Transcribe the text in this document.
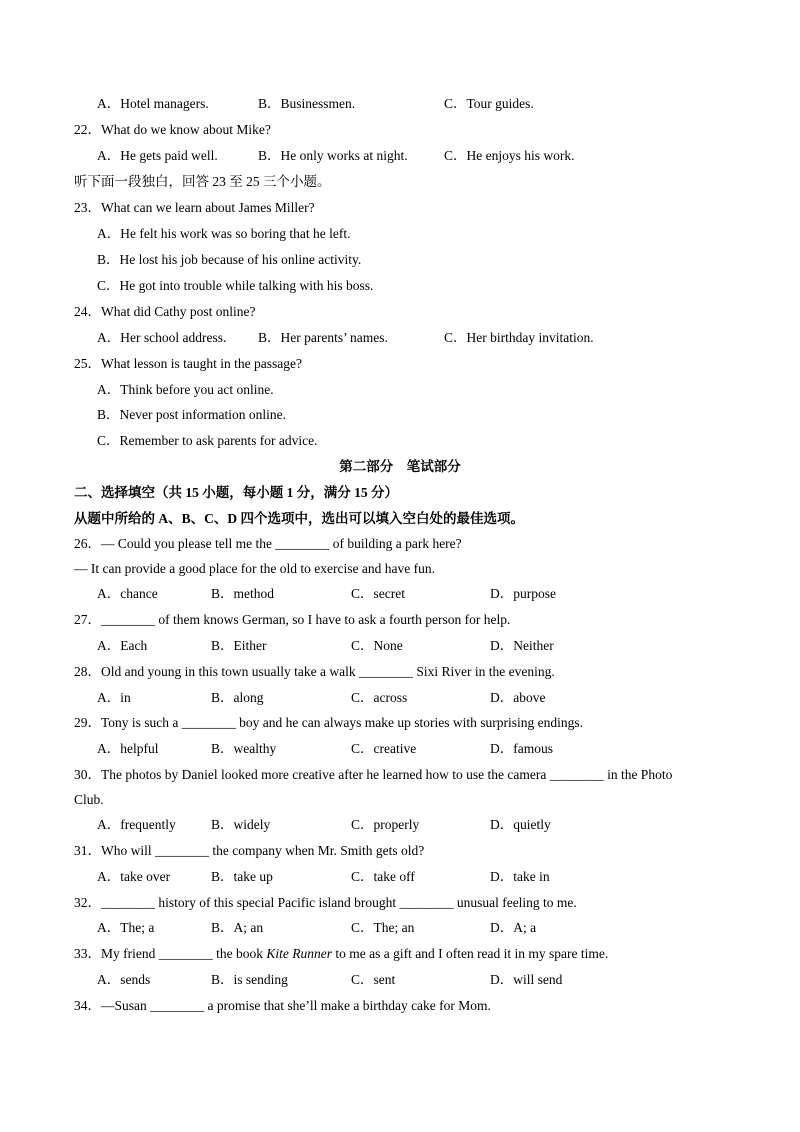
A．Hotel managers.	B．Businessmen.	C．Tour guides.
22．What do we know about Mike?
A．He gets paid well.	B．He only works at night.	C．He enjoys his work.
听下面一段独白，回答 23 至 25 三个小题。
23．What can we learn about James Miller?
A．He felt his work was so boring that he left.
B．He lost his job because of his online activity.
C．He got into trouble while talking with his boss.
24．What did Cathy post online?
A．Her school address. B．Her parents’ names.	C．Her birthday invitation.
25．What lesson is taught in the passage?
A．Think before you act online.
B．Never post information online.
C．Remember to ask parents for advice.
第二部分　笔试部分
二、选择填空（共 15 小题，每小题 1 分，满分 15 分）
从题中所给的 A、B、C、D 四个选项中，选出可以填入空白处的最佳选项。
26．— Could you please tell me the ________ of building a park here?
— It can provide a good place for the old to exercise and have fun.
A．chance	B．method	C．secret	D．purpose
27．________ of them knows German, so I have to ask a fourth person for help.
A．Each	B．Either	C．None	D．Neither
28．Old and young in this town usually take a walk ________ Sixi River in the evening.
A．in	B．along	C．across	D．above
29．Tony is such a ________ boy and he can always make up stories with surprising endings.
A．helpful	B．wealthy	C．creative	D．famous
30．The photos by Daniel looked more creative after he learned how to use the camera ________ in the Photo
Club.
A．frequently	B．widely	C．properly	D．quietly
31．Who will ________ the company when Mr. Smith gets old?
A．take over	B．take up	C．take off	D．take in
32．________ history of this special Pacific island brought ________ unusual feeling to me.
A．The; a	B．A; an	C．The; an	D．A; a
33．My friend ________ the book Kite Runner to me as a gift and I often read it in my spare time.
A．sends	B．is sending	C．sent	D．will send
34．—Susan ________ a promise that she’ll make a birthday cake for Mom.
